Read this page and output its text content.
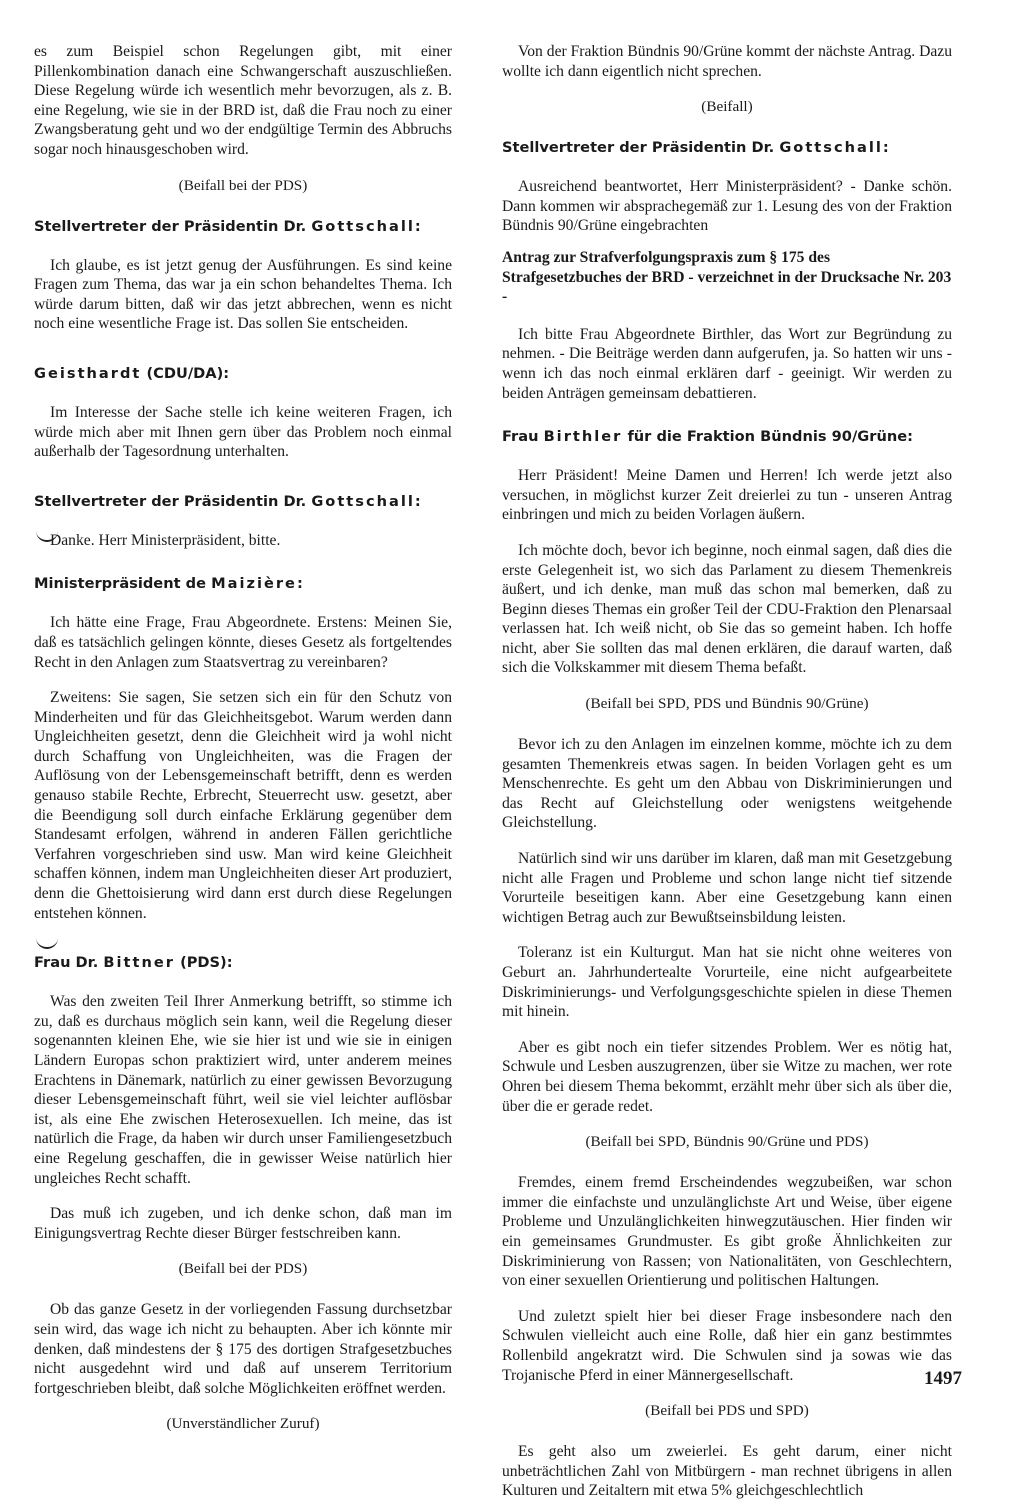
es zum Beispiel schon Regelungen gibt, mit einer Pillenkombination danach eine Schwangerschaft auszuschließen. Diese Regelung würde ich wesentlich mehr bevorzugen, als z. B. eine Regelung, wie sie in der BRD ist, daß die Frau noch zu einer Zwangsberatung geht und wo der endgültige Termin des Abbruchs sogar noch hinausgeschoben wird.

(Beifall bei der PDS)
Stellvertreter der Präsidentin Dr. Gottschall:

Ich glaube, es ist jetzt genug der Ausführungen. Es sind keine Fragen zum Thema, das war ja ein schon behandeltes Thema. Ich würde darum bitten, daß wir das jetzt abbrechen, wenn es nicht noch eine wesentliche Frage ist. Das sollen Sie entscheiden.

Geisthardt (CDU/DA):

Im Interesse der Sache stelle ich keine weiteren Fragen, ich würde mich aber mit Ihnen gern über das Problem noch einmal außerhalb der Tagesordnung unterhalten.

Stellvertreter der Präsidentin Dr. Gottschall:

Danke. Herr Ministerpräsident, bitte.

Ministerpräsident de Maizière:

Ich hätte eine Frage, Frau Abgeordnete. Erstens: Meinen Sie, daß es tatsächlich gelingen könnte, dieses Gesetz als fortgeltendes Recht in den Anlagen zum Staatsvertrag zu vereinbaren?

Zweitens: Sie sagen, Sie setzen sich ein für den Schutz von Minderheiten und für das Gleichheitsgebot. Warum werden dann Ungleichheiten gesetzt, denn die Gleichheit wird ja wohl nicht durch Schaffung von Ungleichheiten, was die Fragen der Auflösung von der Lebensgemeinschaft betrifft, denn es werden genauso stabile Rechte, Erbrecht, Steuerrecht usw. gesetzt, aber die Beendigung soll durch einfache Erklärung gegenüber dem Standesamt erfolgen, während in anderen Fällen gerichtliche Verfahren vorgeschrieben sind usw. Man wird keine Gleichheit schaffen können, indem man Ungleichheiten dieser Art produziert, denn die Ghettoisierung wird dann erst durch diese Regelungen entstehen können.

Frau Dr. Bittner (PDS):

Was den zweiten Teil Ihrer Anmerkung betrifft, so stimme ich zu, daß es durchaus möglich sein kann, weil die Regelung dieser sogenannten kleinen Ehe, wie sie hier ist und wie sie in einigen Ländern Europas schon praktiziert wird, unter anderem meines Erachtens in Dänemark, natürlich zu einer gewissen Bevorzugung dieser Lebensgemeinschaft führt, weil sie viel leichter auflösbar ist, als eine Ehe zwischen Heterosexuellen. Ich meine, das ist natürlich die Frage, da haben wir durch unser Familiengesetzbuch eine Regelung geschaffen, die in gewisser Weise natürlich hier ungleiches Recht schafft.

Das muß ich zugeben, und ich denke schon, daß man im Einigungsvertrag Rechte dieser Bürger festschreiben kann.

(Beifall bei der PDS)

Ob das ganze Gesetz in der vorliegenden Fassung durchsetzbar sein wird, das wage ich nicht zu behaupten. Aber ich könnte mir denken, daß mindestens der § 175 des dortigen Strafgesetzbuches nicht ausgedehnt wird und daß auf unserem Territorium fortgeschrieben bleibt, daß solche Möglichkeiten eröffnet werden.

(Unverständlicher Zuruf)

Von der Fraktion Bündnis 90/Grüne kommt der nächste Antrag. Dazu wollte ich dann eigentlich nicht sprechen.

(Beifall)
Stellvertreter der Präsidentin Dr. Gottschall:

Ausreichend beantwortet, Herr Ministerpräsident? - Danke schön. Dann kommen wir absprachegemäß zur 1. Lesung des von der Fraktion Bündnis 90/Grüne eingebrachten

Antrag zur Strafverfolgungspraxis zum § 175 des Strafgesetzbuches der BRD - verzeichnet in der Drucksache Nr. 203 -

Ich bitte Frau Abgeordnete Birthler, das Wort zur Begründung zu nehmen. - Die Beiträge werden dann aufgerufen, ja. So hatten wir uns - wenn ich das noch einmal erklären darf - geeinigt. Wir werden zu beiden Anträgen gemeinsam debattieren.

Frau Birthler für die Fraktion Bündnis 90/Grüne:

Herr Präsident! Meine Damen und Herren! Ich werde jetzt also versuchen, in möglichst kurzer Zeit dreierlei zu tun - unseren Antrag einbringen und mich zu beiden Vorlagen äußern.

Ich möchte doch, bevor ich beginne, noch einmal sagen, daß dies die erste Gelegenheit ist, wo sich das Parlament zu diesem Themenkreis äußert, und ich denke, man muß das schon mal bemerken, daß zu Beginn dieses Themas ein großer Teil der CDU-Fraktion den Plenarsaal verlassen hat. Ich weiß nicht, ob Sie das so gemeint haben. Ich hoffe nicht, aber Sie sollten das mal denen erklären, die darauf warten, daß sich die Volkskammer mit diesem Thema befaßt.

(Beifall bei SPD, PDS und Bündnis 90/Grüne)

Bevor ich zu den Anlagen im einzelnen komme, möchte ich zu dem gesamten Themenkreis etwas sagen. In beiden Vorlagen geht es um Menschenrechte. Es geht um den Abbau von Diskriminierungen und das Recht auf Gleichstellung oder wenigstens weitgehende Gleichstellung.

Natürlich sind wir uns darüber im klaren, daß man mit Gesetzgebung nicht alle Fragen und Probleme und schon lange nicht tief sitzende Vorurteile beseitigen kann. Aber eine Gesetzgebung kann einen wichtigen Betrag auch zur Bewußtseinsbildung leisten.

Toleranz ist ein Kulturgut. Man hat sie nicht ohne weiteres von Geburt an. Jahrhundertealte Vorurteile, eine nicht aufgearbeitete Diskriminierungs- und Verfolgungsgeschichte spielen in diese Themen mit hinein.

Aber es gibt noch ein tiefer sitzendes Problem. Wer es nötig hat, Schwule und Lesben auszugrenzen, über sie Witze zu machen, wer rote Ohren bei diesem Thema bekommt, erzählt mehr über sich als über die, über die er gerade redet.

(Beifall bei SPD, Bündnis 90/Grüne und PDS)

Fremdes, einem fremd Erscheindendes wegzubeißen, war schon immer die einfachste und unzulänglichste Art und Weise, über eigene Probleme und Unzulänglichkeiten hinwegzutäuschen. Hier finden wir ein gemeinsames Grundmuster. Es gibt große Ähnlichkeiten zur Diskriminierung von Rassen; von Nationalitäten, von Geschlechtern, von einer sexuellen Orientierung und politischen Haltungen.

Und zuletzt spielt hier bei dieser Frage insbesondere nach den Schwulen vielleicht auch eine Rolle, daß hier ein ganz bestimmtes Rollenbild angekratzt wird. Die Schwulen sind ja sowas wie das Trojanische Pferd in einer Männergesellschaft.

(Beifall bei PDS und SPD)

Es geht also um zweierlei. Es geht darum, einer nicht unbeträchtlichen Zahl von Mitbürgern - man rechnet übrigens in allen Kulturen und Zeitaltern mit etwa 5% gleichgeschlechtlich

1497
